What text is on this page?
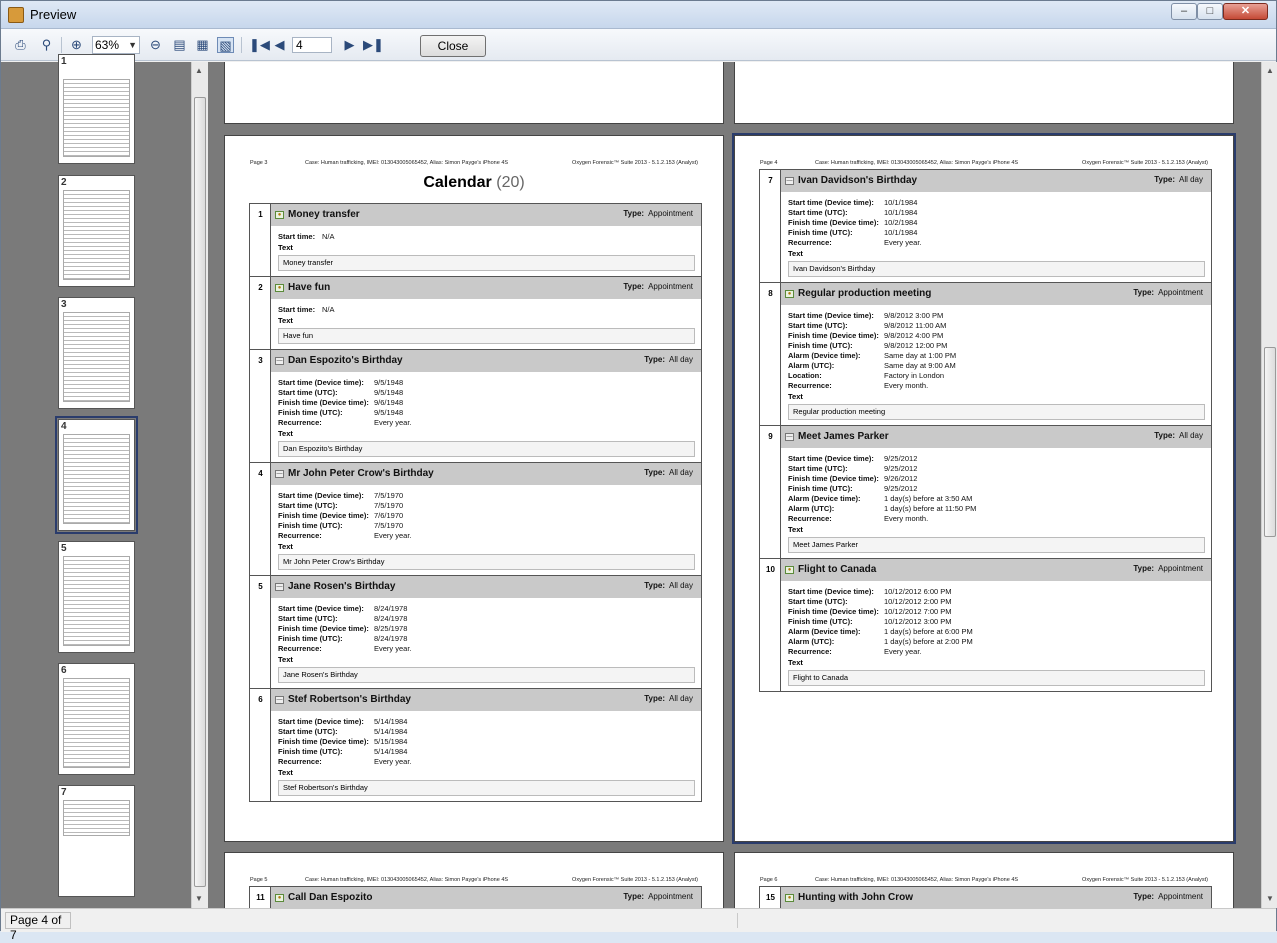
Preview	–	□	✕
⎙ ⚲ ⊕ 63% ▼ ⊖ ▤ ▦ ▧ ❚◀ ◀
4	▶ ▶❚	Close
1
2
3
4
5
6
7
▲
▼
Page 3	Case: Human trafficking, IMEI: 013043005065452, Alias: Simon Payge's iPhone 4S	Oxygen Forensic™ Suite 2013 - 5.1.2.153 (Analyst)
Calendar (20)
1	● Money transfer	Type: Appointment
Start time: N/A
Text
Money transfer
2	● Have fun	Type: Appointment
Start time: N/A
Text
Have fun
3	— Dan Espozito's Birthday	Type: All day
Start time (Device time):	9/5/1948
Start time (UTC):	9/5/1948
Finish time (Device time): 9/6/1948
Finish time (UTC):	9/5/1948
Recurrence:	Every year.
Text
Dan Espozito's Birthday
4	— Mr John Peter Crow's Birthday	Type: All day
Start time (Device time):	7/5/1970
Start time (UTC):	7/5/1970
Finish time (Device time): 7/6/1970
Finish time (UTC):	7/5/1970
Recurrence:	Every year.
Text
Mr John Peter Crow's Birthday
5	— Jane Rosen's Birthday	Type: All day
Start time (Device time):	8/24/1978
Start time (UTC):	8/24/1978
Finish time (Device time): 8/25/1978
Finish time (UTC):	8/24/1978
Recurrence:	Every year.
Text
Jane Rosen's Birthday
6	— Stef Robertson's Birthday	Type: All day
Start time (Device time):	5/14/1984
Start time (UTC):	5/14/1984
Finish time (Device time): 5/15/1984
Finish time (UTC):	5/14/1984
Recurrence:	Every year.
Text
Stef Robertson's Birthday
Page 4	Case: Human trafficking, IMEI: 013043005065452, Alias: Simon Payge's iPhone 4S	Oxygen Forensic™ Suite 2013 - 5.1.2.153 (Analyst)
7	— Ivan Davidson's Birthday	Type: All day
Start time (Device time):	10/1/1984
Start time (UTC):	10/1/1984
Finish time (Device time): 10/2/1984
Finish time (UTC):	10/1/1984
Recurrence:	Every year.
Text
Ivan Davidson's Birthday
8	● Regular production meeting	Type: Appointment
Start time (Device time):	9/8/2012 3:00 PM
Start time (UTC):	9/8/2012 11:00 AM
Finish time (Device time): 9/8/2012 4:00 PM
Finish time (UTC):	9/8/2012 12:00 PM
Alarm (Device time):	Same day at 1:00 PM
Alarm (UTC):	Same day at 9:00 AM
Location:	Factory in London
Recurrence:	Every month.
Text
Regular production meeting
9	— Meet James Parker	Type: All day
Start time (Device time):	9/25/2012
Start time (UTC):	9/25/2012
Finish time (Device time): 9/26/2012
Finish time (UTC):	9/25/2012
Alarm (Device time):	1 day(s) before at 3:50 AM
Alarm (UTC):	1 day(s) before at 11:50 PM
Recurrence:	Every month.
Text
Meet James Parker
10	● Flight to Canada	Type: Appointment
Start time (Device time):	10/12/2012 6:00 PM
Start time (UTC):	10/12/2012 2:00 PM
Finish time (Device time): 10/12/2012 7:00 PM
Finish time (UTC):	10/12/2012 3:00 PM
Alarm (Device time):	1 day(s) before at 6:00 PM
Alarm (UTC):	1 day(s) before at 2:00 PM
Recurrence:	Every year.
Text
Flight to Canada
Page 5	Case: Human trafficking, IMEI: 013043005065452, Alias: Simon Payge's iPhone 4S	Oxygen Forensic™ Suite 2013 - 5.1.2.153 (Analyst)
11	● Call Dan Espozito	Type: Appointment
Page 6	Case: Human trafficking, IMEI: 013043005065452, Alias: Simon Payge's iPhone 4S	Oxygen Forensic™ Suite 2013 - 5.1.2.153 (Analyst)
15	● Hunting with John Crow	Type: Appointment
▲
▼
Page 4 of 7
